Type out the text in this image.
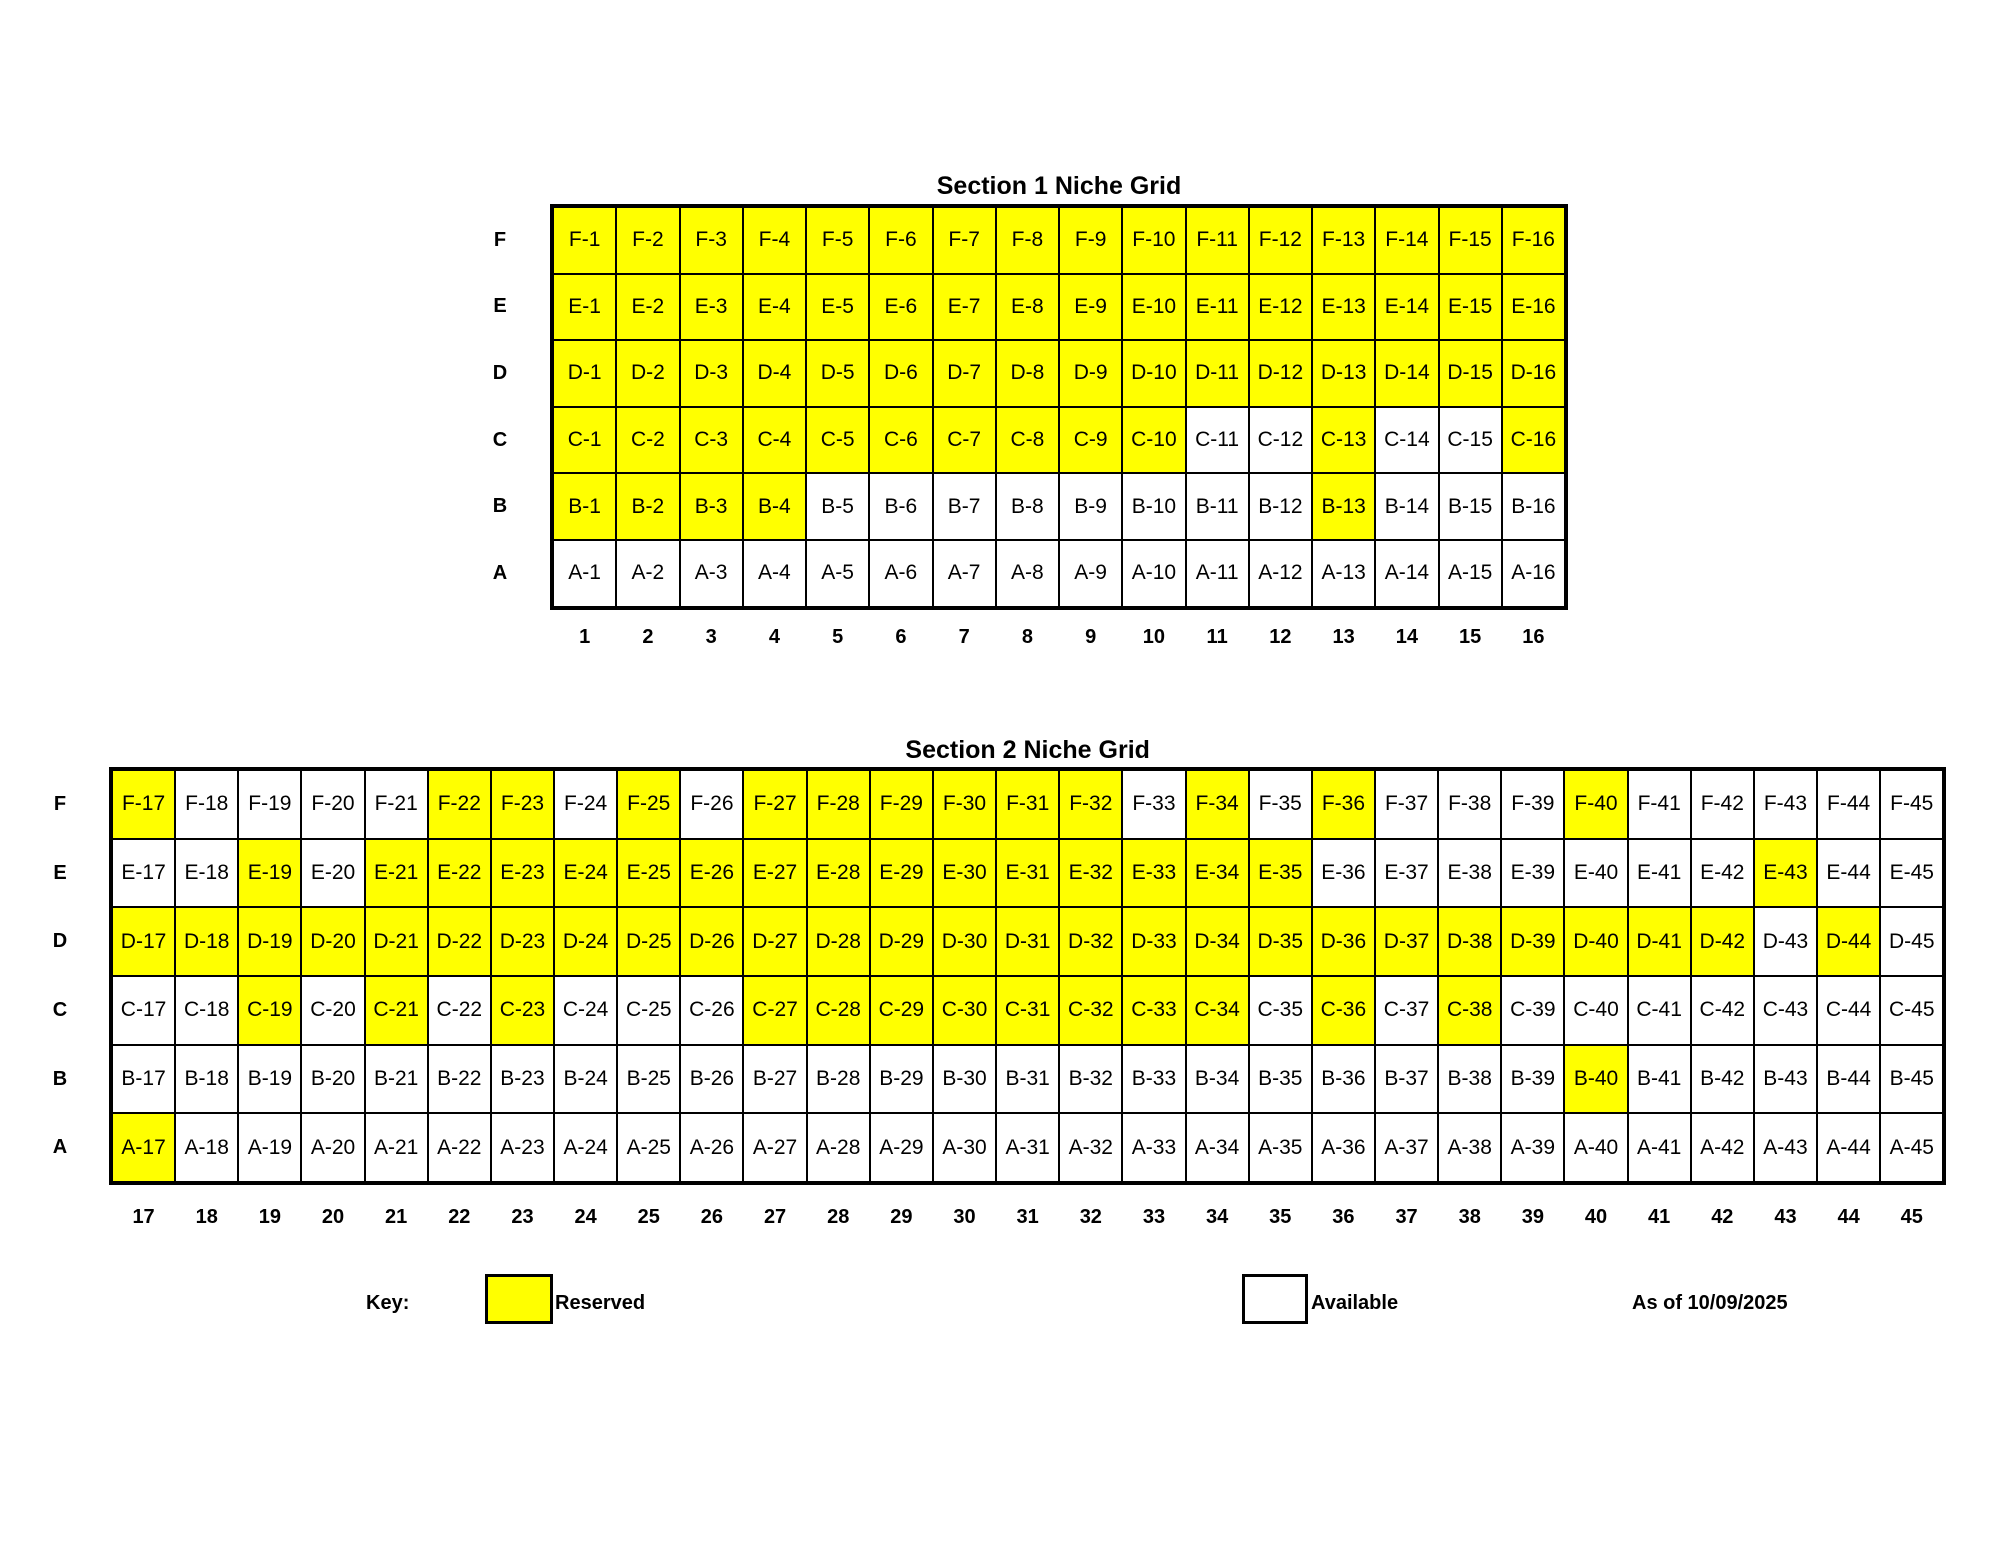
Section 1 Niche Grid
F
E
D
C
B
A
1	2	3	4	5	6	7	8	9	10	11	12	13	14	15	16
F-1	F-2	F-3	F-4	F-5	F-6	F-7	F-8	F-9	F-10 F-11 F-12 F-13 F-14 F-15 F-16
E-1	E-2	E-3	E-4	E-5	E-6	E-7	E-8	E-9	E-10 E-11 E-12 E-13 E-14 E-15 E-16
D-1	D-2	D-3	D-4	D-5	D-6	D-7	D-8	D-9	D-10 D-11 D-12 D-13 D-14 D-15 D-16
C-1	C-2	C-3	C-4	C-5	C-6	C-7	C-8	C-9	C-10 C-11 C-12 C-13 C-14 C-15 C-16
B-1	B-2	B-3	B-4	B-5	B-6	B-7	B-8	B-9	B-10 B-11 B-12 B-13 B-14 B-15 B-16
A-1	A-2	A-3	A-4	A-5	A-6	A-7	A-8	A-9	A-10 A-11 A-12 A-13 A-14 A-15 A-16
Section 2 Niche Grid
F
E
D
C
B
A
17	18	19	20	21	22	23	24	25	26	27	28	29	30	31	32	33	34	35	36	37	38	39	40	41	42	43	44	45
F-17 F-18 F-19 F-20 F-21 F-22 F-23 F-24 F-25 F-26 F-27 F-28 F-29 F-30 F-31 F-32 F-33 F-34 F-35 F-36 F-37 F-38 F-39 F-40 F-41 F-42 F-43 F-44 F-45
E-17 E-18 E-19 E-20 E-21 E-22 E-23 E-24 E-25 E-26 E-27 E-28 E-29 E-30 E-31 E-32 E-33 E-34 E-35 E-36 E-37 E-38 E-39 E-40 E-41 E-42 E-43 E-44 E-45
D-17 D-18 D-19 D-20 D-21 D-22 D-23 D-24 D-25 D-26 D-27 D-28 D-29 D-30 D-31 D-32 D-33 D-34 D-35 D-36 D-37 D-38 D-39 D-40 D-41 D-42 D-43 D-44 D-45
C-17 C-18 C-19 C-20 C-21 C-22 C-23 C-24 C-25 C-26 C-27 C-28 C-29 C-30 C-31 C-32 C-33 C-34 C-35 C-36 C-37 C-38 C-39 C-40 C-41 C-42 C-43 C-44 C-45
B-17 B-18 B-19 B-20 B-21 B-22 B-23 B-24 B-25 B-26 B-27 B-28 B-29 B-30 B-31 B-32 B-33 B-34 B-35 B-36 B-37 B-38 B-39 B-40 B-41 B-42 B-43 B-44 B-45
A-17 A-18 A-19 A-20 A-21 A-22 A-23 A-24 A-25 A-26 A-27 A-28 A-29 A-30 A-31 A-32 A-33 A-34 A-35 A-36 A-37 A-38 A-39 A-40 A-41 A-42 A-43 A-44 A-45
Key:	Reserved	Available	As of 10/09/2025
